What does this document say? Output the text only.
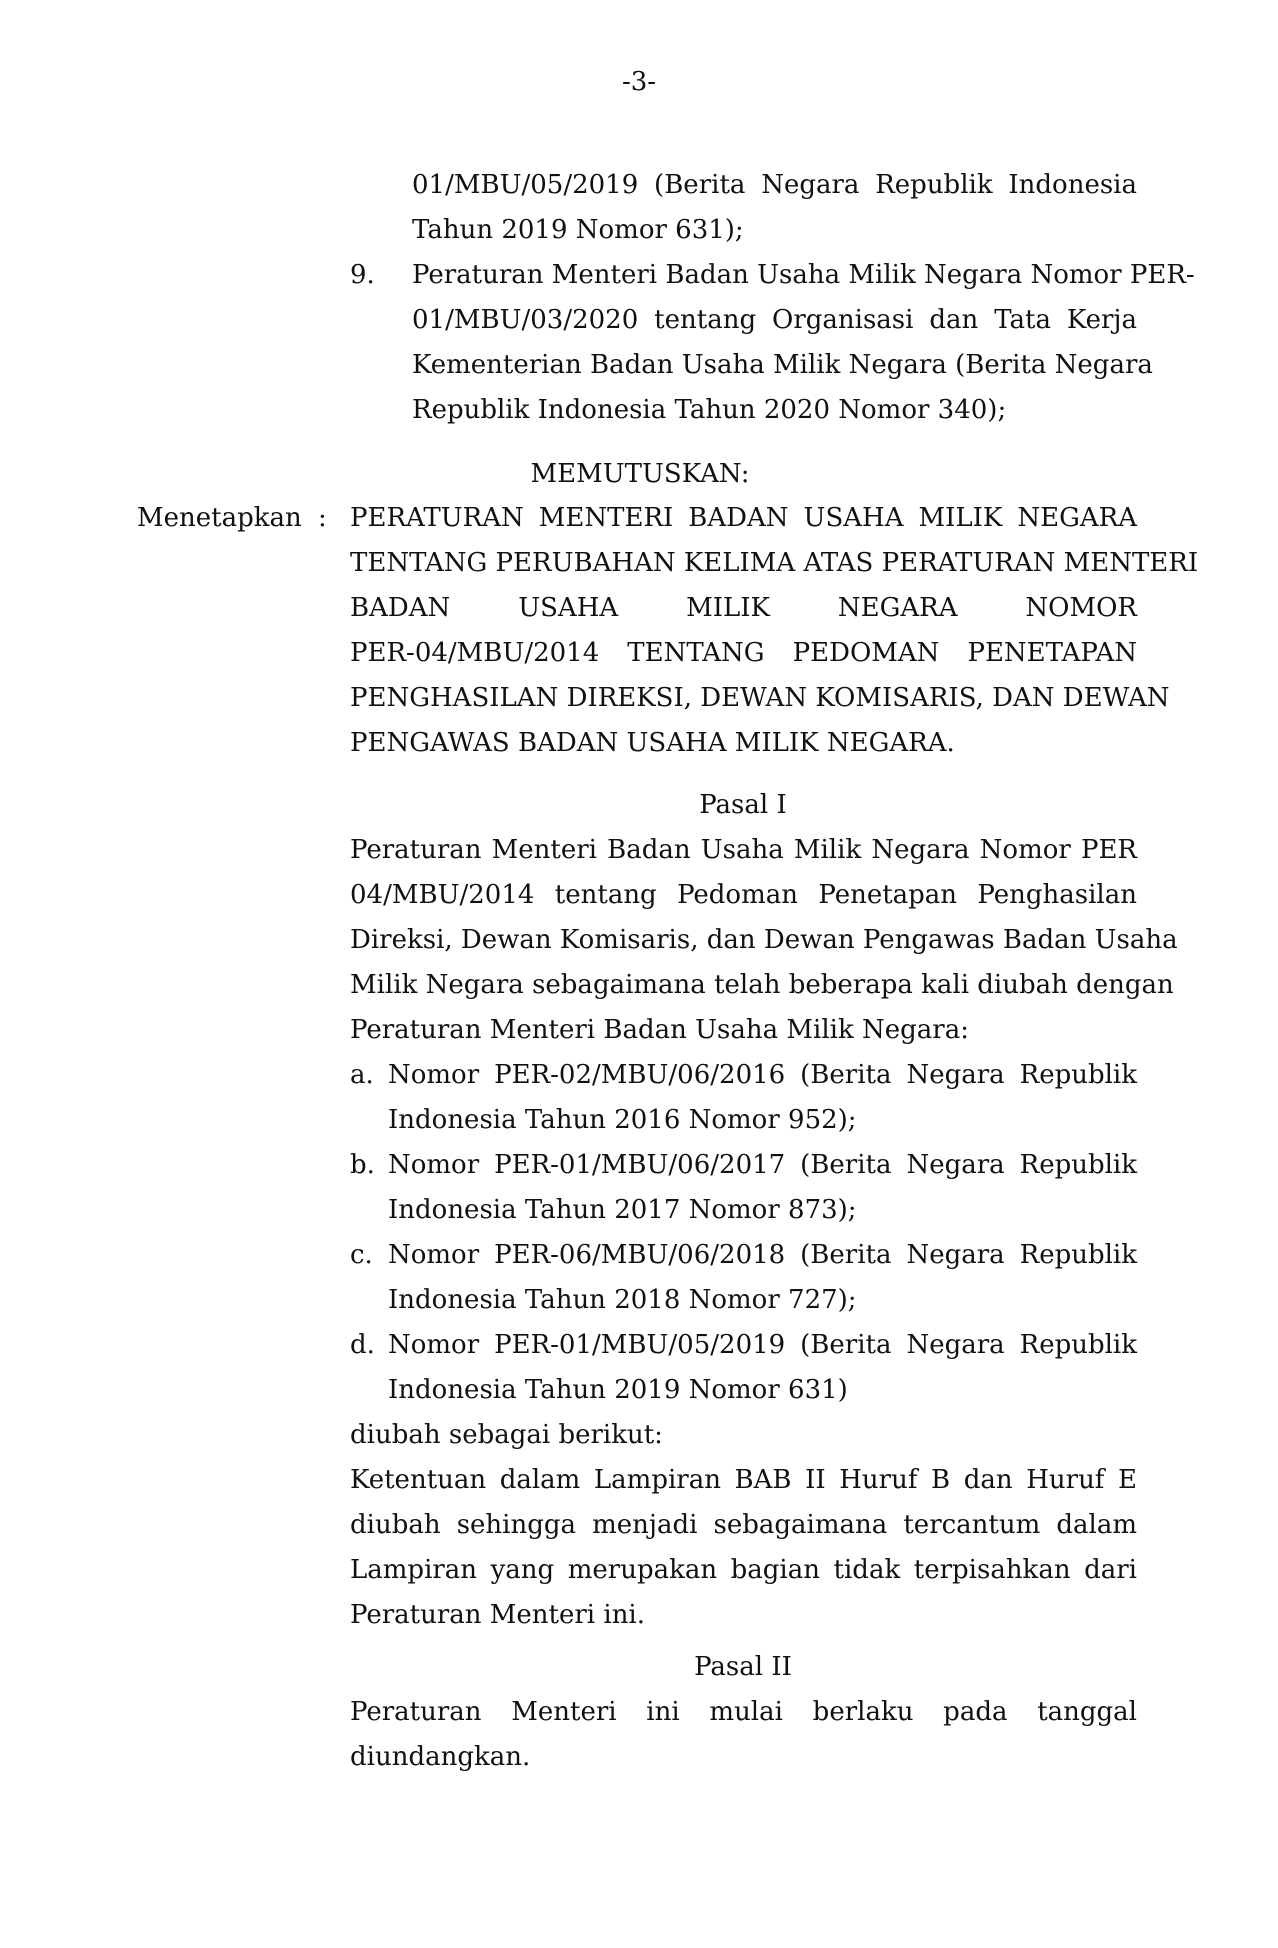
-3-
01/MBU/05/2019 (Berita Negara Republik Indonesia
Tahun 2019 Nomor 631);
9. Peraturan Menteri Badan Usaha Milik Negara Nomor PER-
01/MBU/03/2020 tentang Organisasi dan Tata Kerja
Kementerian Badan Usaha Milik Negara (Berita Negara
Republik Indonesia Tahun 2020 Nomor 340);
MEMUTUSKAN:
Menetapkan : PERATURAN MENTERI BADAN USAHA MILIK NEGARA
TENTANG PERUBAHAN KELIMA ATAS PERATURAN MENTERI
BADAN USAHA MILIK NEGARA NOMOR
PER-04/MBU/2014 TENTANG PEDOMAN PENETAPAN
PENGHASILAN DIREKSI, DEWAN KOMISARIS, DAN DEWAN
PENGAWAS BADAN USAHA MILIK NEGARA.
Pasal I
Peraturan Menteri Badan Usaha Milik Negara Nomor PER
04/MBU/2014 tentang Pedoman Penetapan Penghasilan
Direksi, Dewan Komisaris, dan Dewan Pengawas Badan Usaha
Milik Negara sebagaimana telah beberapa kali diubah dengan
Peraturan Menteri Badan Usaha Milik Negara:
a. Nomor PER-02/MBU/06/2016 (Berita Negara Republik
Indonesia Tahun 2016 Nomor 952);
b. Nomor PER-01/MBU/06/2017 (Berita Negara Republik
Indonesia Tahun 2017 Nomor 873);
c. Nomor PER-06/MBU/06/2018 (Berita Negara Republik
Indonesia Tahun 2018 Nomor 727);
d. Nomor PER-01/MBU/05/2019 (Berita Negara Republik
Indonesia Tahun 2019 Nomor 631)
diubah sebagai berikut:
Ketentuan dalam Lampiran BAB II Huruf B dan Huruf E
diubah sehingga menjadi sebagaimana tercantum dalam
Lampiran yang merupakan bagian tidak terpisahkan dari
Peraturan Menteri ini.
Pasal II
Peraturan Menteri ini mulai berlaku pada tanggal
diundangkan.
